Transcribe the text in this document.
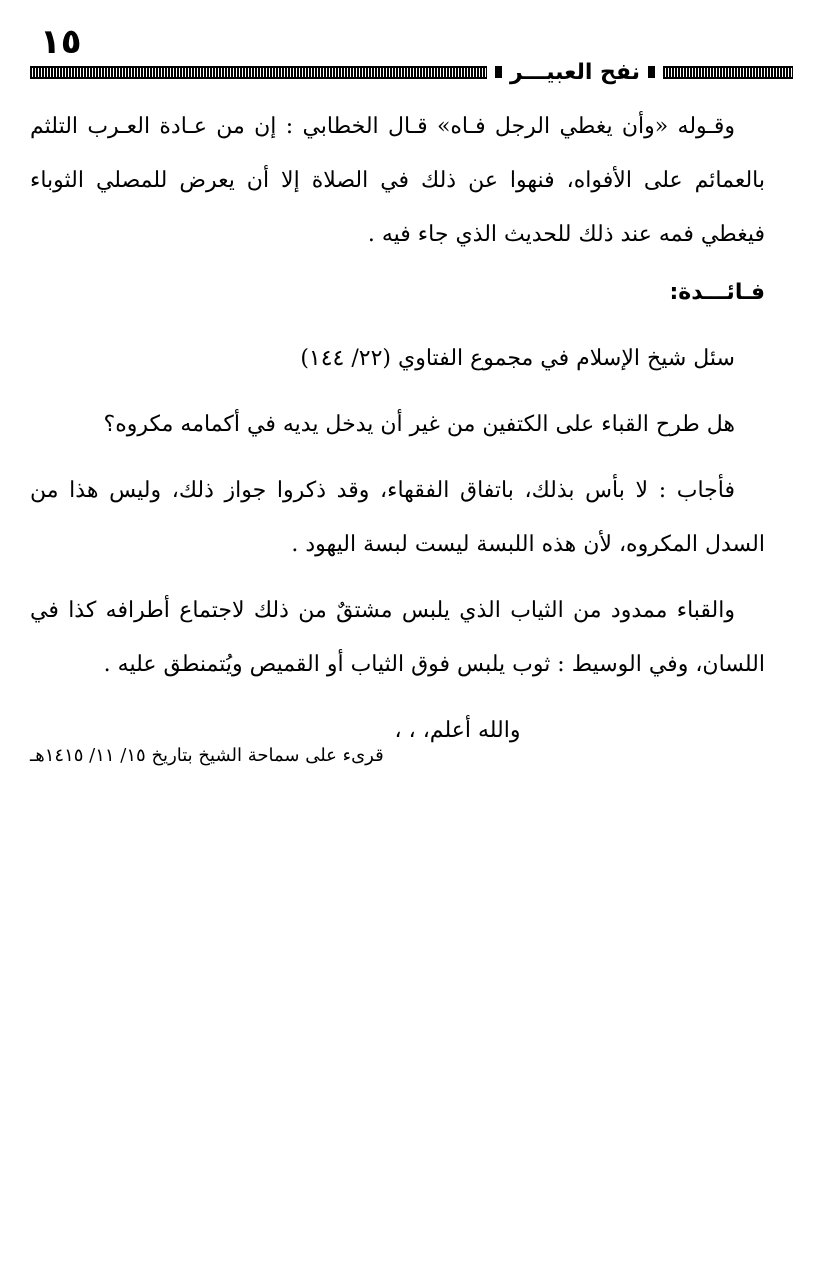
١٥
نفح العبيـــر

وقـوله «وأن يغطي الرجل فـاه» قـال الخطابي : إن من عـادة العـرب التلثم بالعمائم على الأفواه، فنهوا عن ذلك في الصلاة إلا أن يعرض للمصلي الثوباء فيغطي فمه عند ذلك للحديث الذي جاء فيه .

فـائـــدة:

سئل شيخ الإسلام في مجموع الفتاوي (٢٢/ ١٤٤)

هل طرح القباء على الكتفين من غير أن يدخل يديه في أكمامه مكروه؟

فأجاب : لا بأس بذلك، باتفاق الفقهاء، وقد ذكروا جواز ذلك، وليس هذا من السدل المكروه، لأن هذه اللبسة ليست لبسة اليهود .

والقباء ممدود من الثياب الذي يلبس مشتقٌ من ذلك لاجتماع أطرافه كذا في اللسان، وفي الوسيط : ثوب يلبس فوق الثياب أو القميص ويُتمنطق عليه .

والله أعلم، ، ،

قرىء على سماحة الشيخ بتاريخ ١٥/ ١١/ ١٤١٥هـ
